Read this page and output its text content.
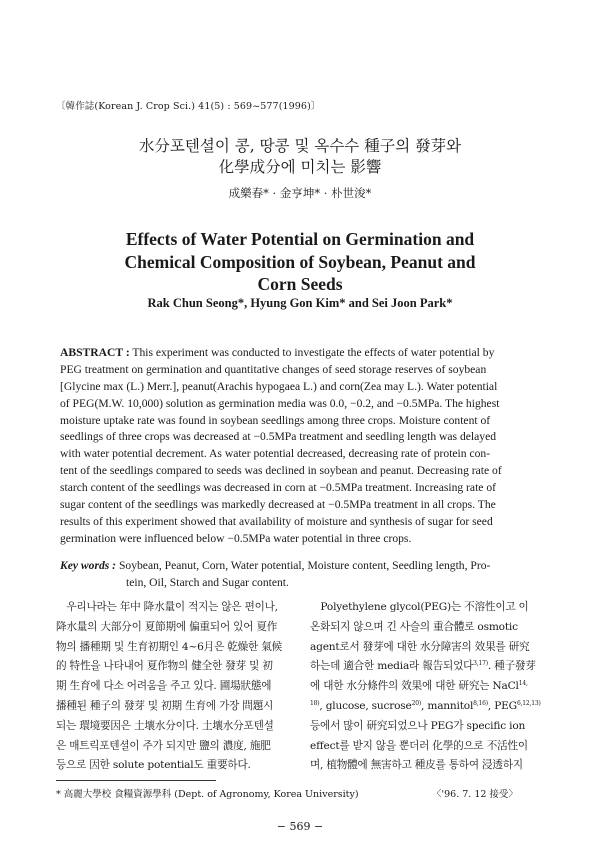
〔韓作誌(Korean J. Crop Sci.) 41(5) : 569~577(1996)〕
水分포텐셜이 콩, 땅콩 및 옥수수 種子의 發芽와
化學成分에 미치는 影響
成樂春* · 金亨坤* · 朴世浚*
Effects of Water Potential on Germination and
Chemical Composition of Soybean, Peanut and
Corn Seeds
Rak Chun Seong*, Hyung Gon Kim* and Sei Joon Park*
ABSTRACT : This experiment was conducted to investigate the effects of water potential by
PEG treatment on germination and quantitative changes of seed storage reserves of soybean
[Glycine max (L.) Merr.], peanut(Arachis hypogaea L.) and corn(Zea may L.). Water potential
of PEG(M.W. 10,000) solution as germination media was 0.0, −0.2, and −0.5MPa. The highest
moisture uptake rate was found in soybean seedlings among three crops. Moisture content of
seedlings of three crops was decreased at −0.5MPa treatment and seedling length was delayed
with water potential decrement. As water potential decreased, decreasing rate of protein con-
tent of the seedlings compared to seeds was declined in soybean and peanut. Decreasing rate of
starch content of the seedlings was decreased in corn at −0.5MPa treatment. Increasing rate of
sugar content of the seedlings was markedly decreased at −0.5MPa treatment in all crops. The
results of this experiment showed that availability of moisture and synthesis of sugar for seed
germination were influenced below −0.5MPa water potential in three crops.
Key words : Soybean, Peanut, Corn, Water potential, Moisture content, Seedling length, Pro-
tein, Oil, Starch and Sugar content.
　우리나라는 年中 降水量이 적지는 않은 편이나,
降水量의 大部分이 夏節期에 偏重되어 있어 夏作
物의 播種期 및 生育初期인 4~6月은 乾燥한 氣候
的 特性을 나타내어 夏作物의 健全한 發芽 및 初
期 生育에 다소 어려움을 주고 있다. 圃場狀態에
播種된 種子의 發芽 및 初期 生育에 가장 問題시
되는 環境要因은 土壤水分이다. 土壤水分포텐셜
은 매트릭포텐셜이 주가 되지만 鹽의 濃度, 施肥
등으로 因한 solute potential도 重要하다.
　Polyethylene glycol(PEG)는 不溶性이고 이
온화되지 않으며 긴 사슬의 重合體로 osmotic
agent로서 發芽에 대한 水分障害의 效果를 研究
하는데 適合한 media라 報告되었다$^{3,17)}$. 種子發芽
에 대한 水分條件의 效果에 대한 研究는 NaCl$^{14,}$
$^{18)}$, glucose, sucrose$^{20)}$, mannitol$^{8,16)}$, PEG$^{6,12,13)}$
등에서 많이 研究되었으나 PEG가 specific ion
effect를 받지 않을 뿐더러 化學的으로 不活性이
며, 植物體에 無害하고 種皮를 통하여 浸透하지
* 高麗大學校 食糧資源學科 (Dept. of Agronomy, Korea University)	〈'96. 7. 12 接受〉
− 569 −
